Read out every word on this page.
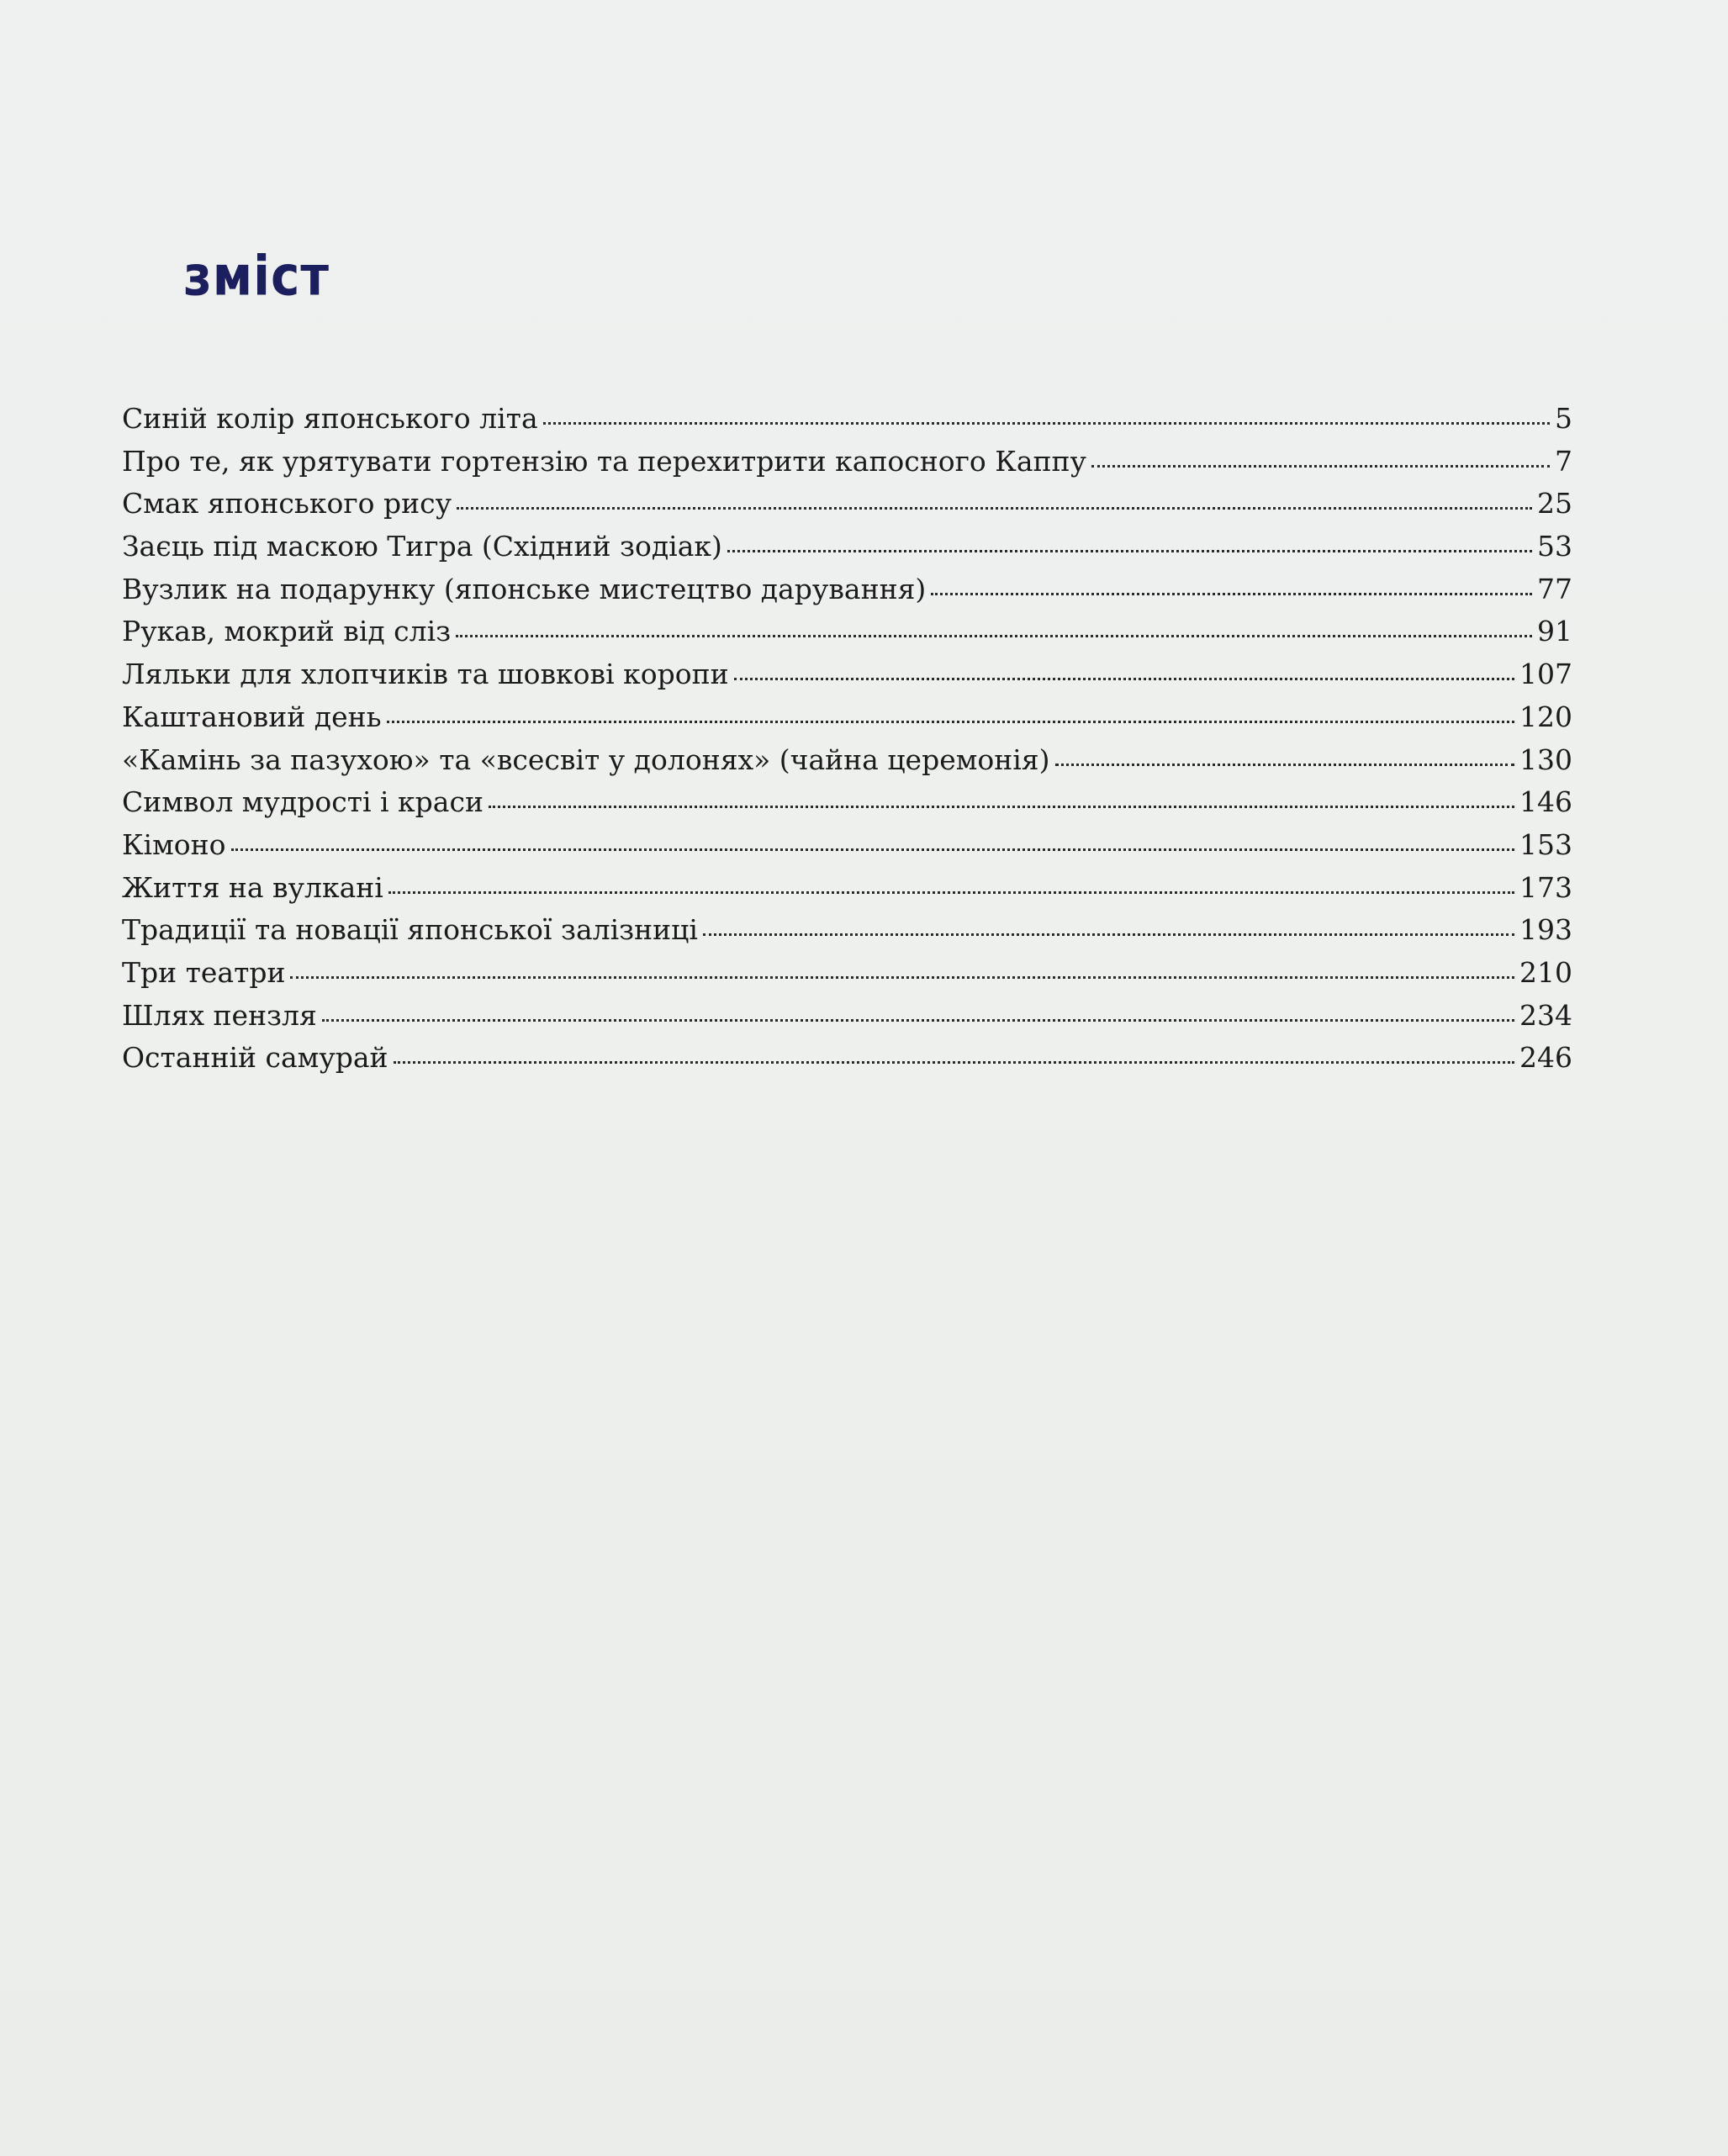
зміст
Синій колір японського літа	5
Про те, як урятувати гортензію та перехитрити капосного Каппу	7
Смак японського рису	25
Заєць під маскою Тигра (Східний зодіак)	53
Вузлик на подарунку (японське мистецтво дарування)	77
Рукав, мокрий від сліз	91
Ляльки для хлопчиків та шовкові коропи	107
Каштановий день	120
«Камінь за пазухою» та «всесвіт у долонях» (чайна церемонія)	130
Символ мудрості і краси	146
Кімоно	153
Життя на вулкані	173
Традиції та новації японської залізниці	193
Три театри	210
Шлях пензля	234
Останній самурай	246
